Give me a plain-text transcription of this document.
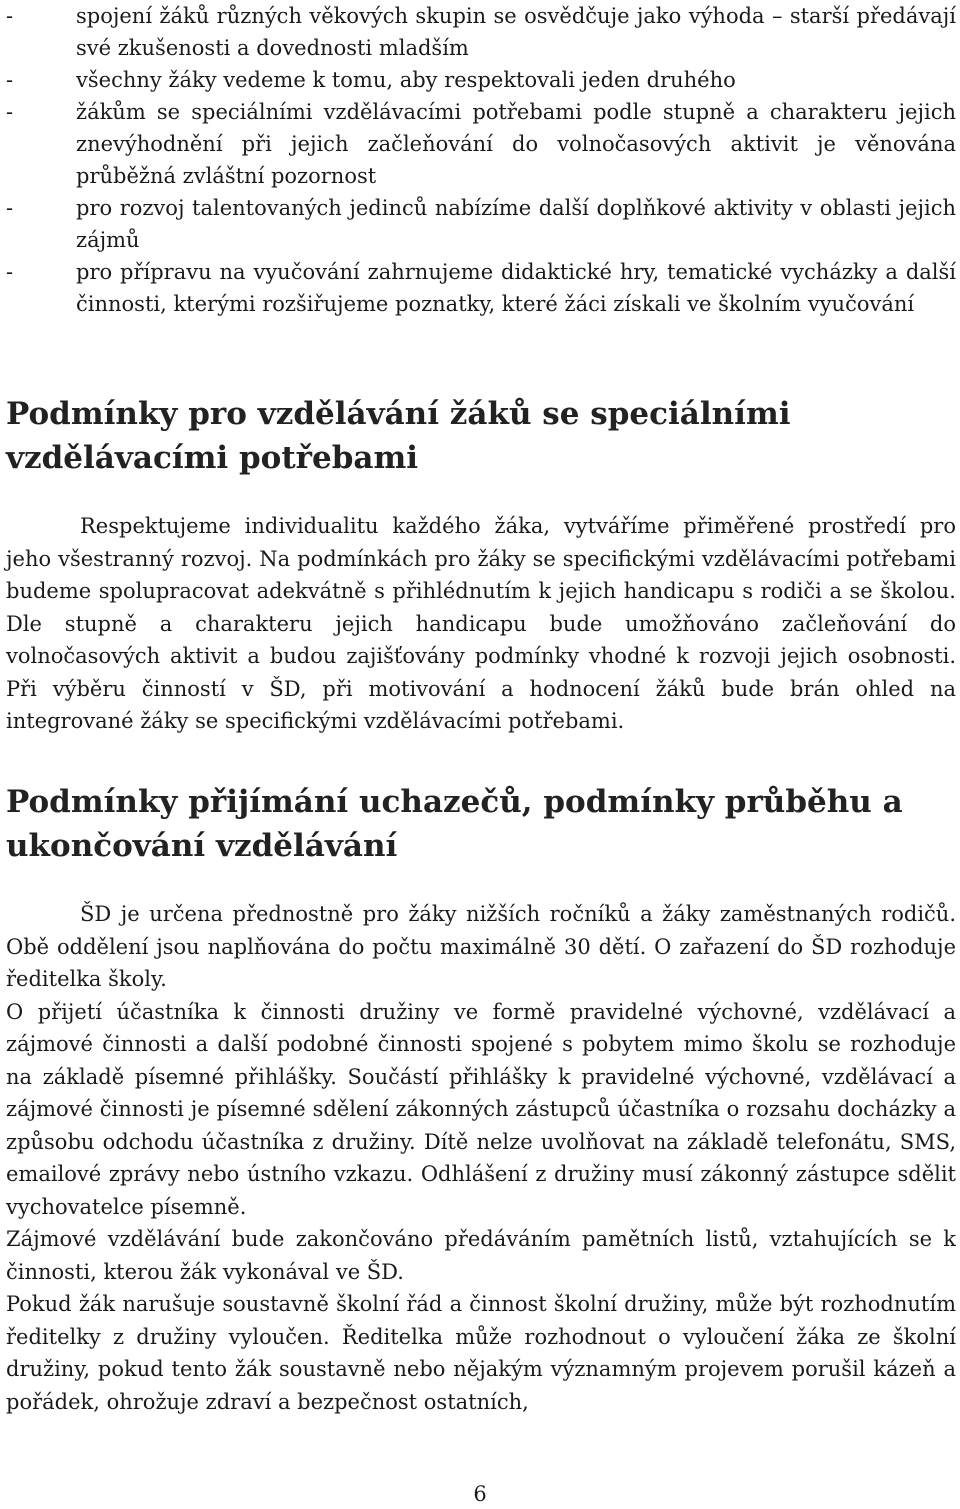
-	spojení žáků různých věkových skupin se osvědčuje jako výhoda – starší předávají své zkušenosti a dovednosti mladším
-	všechny žáky vedeme k tomu, aby respektovali jeden druhého
-	žákům se speciálními vzdělávacími potřebami podle stupně a charakteru jejich znevýhodnění při jejich začleňování do volnočasových aktivit je věnována průběžná zvláštní pozornost
-	pro rozvoj talentovaných jedinců nabízíme další doplňkové aktivity v oblasti jejich zájmů
-	pro přípravu na vyučování zahrnujeme didaktické hry, tematické vycházky a další činnosti, kterými rozšiřujeme poznatky, které žáci získali ve školním vyučování
Podmínky pro vzdělávání žáků se speciálními vzdělávacími potřebami

Respektujeme individualitu každého žáka, vytváříme přiměřené prostředí pro jeho všestranný rozvoj. Na podmínkách pro žáky se specifickými vzdělávacími potřebami budeme spolupracovat adekvátně s přihlédnutím k jejich handicapu s rodiči a se školou. Dle stupně a charakteru jejich handicapu bude umožňováno začleňování do volnočasových aktivit a budou zajišťovány podmínky vhodné k rozvoji jejich osobnosti. Při výběru činností v ŠD, při motivování a hodnocení žáků bude brán ohled na integrované žáky se specifickými vzdělávacími potřebami.

Podmínky přijímání uchazečů, podmínky průběhu a ukončování vzdělávání

ŠD je určena přednostně pro žáky nižších ročníků a žáky zaměstnaných rodičů. Obě oddělení jsou naplňována do počtu maximálně 30 dětí. O zařazení do ŠD rozhoduje ředitelka školy.

O přijetí účastníka k činnosti družiny ve formě pravidelné výchovné, vzdělávací a zájmové činnosti a další podobné činnosti spojené s pobytem mimo školu se rozhoduje na základě písemné přihlášky. Součástí přihlášky k pravidelné výchovné, vzdělávací a zájmové činnosti je písemné sdělení zákonných zástupců účastníka o rozsahu docházky a způsobu odchodu účastníka z družiny. Dítě nelze uvolňovat na základě telefonátu, SMS, emailové zprávy nebo ústního vzkazu. Odhlášení z družiny musí zákonný zástupce sdělit vychovatelce písemně.

Zájmové vzdělávání bude zakončováno předáváním pamětních listů, vztahujících se k činnosti, kterou žák vykonával ve ŠD.

Pokud žák narušuje soustavně školní řád a činnost školní družiny, může být rozhodnutím ředitelky z družiny vyloučen. Ředitelka může rozhodnout o vyloučení žáka ze školní družiny, pokud tento žák soustavně nebo nějakým významným projevem porušil kázeň a pořádek, ohrožuje zdraví a bezpečnost ostatních,

6
